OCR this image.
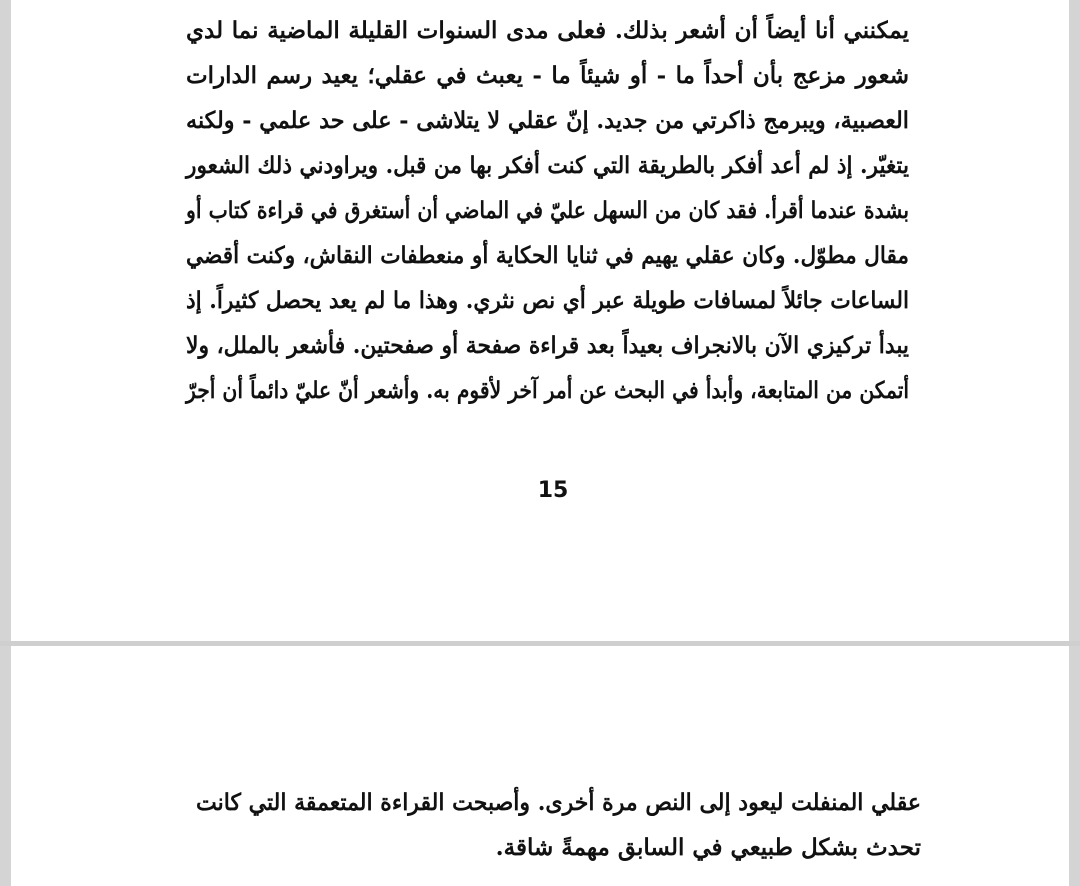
يمكنني أنا أيضاً أن أشعر بذلك. فعلى مدى السنوات القليلة الماضية نما لدي
شعور مزعج بأن أحداً ما - أو شيئاً ما - يعبث في عقلي؛ يعيد رسم الدارات
العصبية، ويبرمج ذاكرتي من جديد. إنّ عقلي لا يتلاشى - على حد علمي - ولكنه
يتغيّر. إذ لم أعد أفكر بالطريقة التي كنت أفكر بها من قبل. ويراودني ذلك الشعور
بشدة عندما أقرأ. فقد كان من السهل عليّ في الماضي أن أستغرق في قراءة كتاب أو
مقال مطوّل. وكان عقلي يهيم في ثنايا الحكاية أو منعطفات النقاش، وكنت أقضي
الساعات جائلاً لمسافات طويلة عبر أي نص نثري. وهذا ما لم يعد يحصل كثيراً. إذ
يبدأ تركيزي الآن بالانجراف بعيداً بعد قراءة صفحة أو صفحتين. فأشعر بالملل، ولا
أتمكن من المتابعة، وأبدأ في البحث عن أمر آخر لأقوم به. وأشعر أنّ عليّ دائماً أن أجرّ
15
عقلي المنفلت ليعود إلى النص مرة أخرى. وأصبحت القراءة المتعمقة التي كانت
تحدث بشكل طبيعي في السابق مهمةً شاقة.
